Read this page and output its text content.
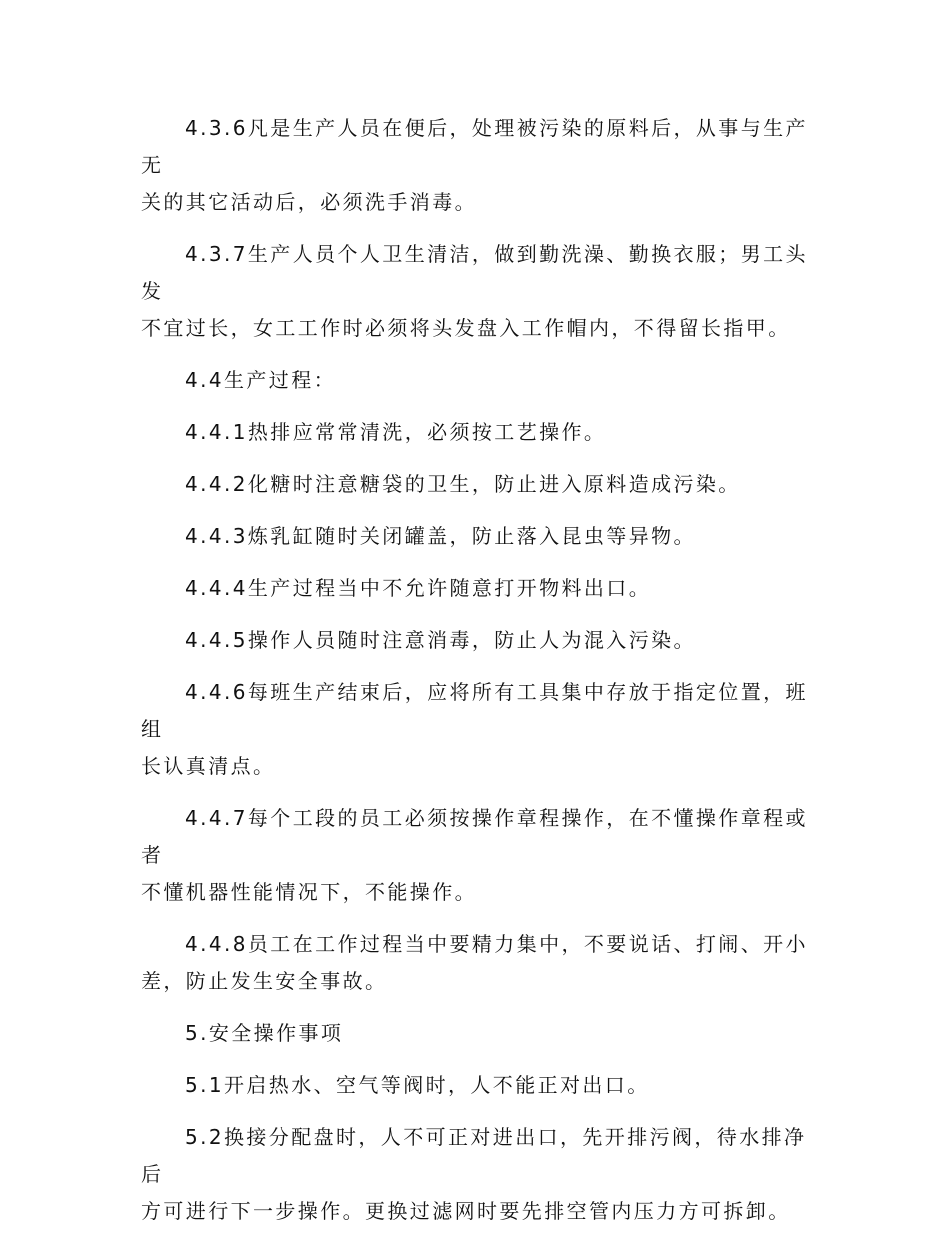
4.3.6凡是生产人员在便后，处理被污染的原料后，从事与生产无
关的其它活动后，必须洗手消毒。

4.3.7生产人员个人卫生清洁，做到勤洗澡、勤换衣服；男工头发
不宜过长，女工工作时必须将头发盘入工作帽内，不得留长指甲。

4.4生产过程：

4.4.1热排应常常清洗，必须按工艺操作。

4.4.2化糖时注意糖袋的卫生，防止进入原料造成污染。

4.4.3炼乳缸随时关闭罐盖，防止落入昆虫等异物。

4.4.4生产过程当中不允许随意打开物料出口。

4.4.5操作人员随时注意消毒，防止人为混入污染。

4.4.6每班生产结束后，应将所有工具集中存放于指定位置，班组
长认真清点。

4.4.7每个工段的员工必须按操作章程操作，在不懂操作章程或者
不懂机器性能情况下，不能操作。

4.4.8员工在工作过程当中要精力集中，不要说话、打闹、开小
差，防止发生安全事故。

5.安全操作事项

5.1开启热水、空气等阀时，人不能正对出口。

5.2换接分配盘时，人不可正对进出口，先开排污阀，待水排净后
方可进行下一步操作。更换过滤网时要先排空管内压力方可拆卸。
